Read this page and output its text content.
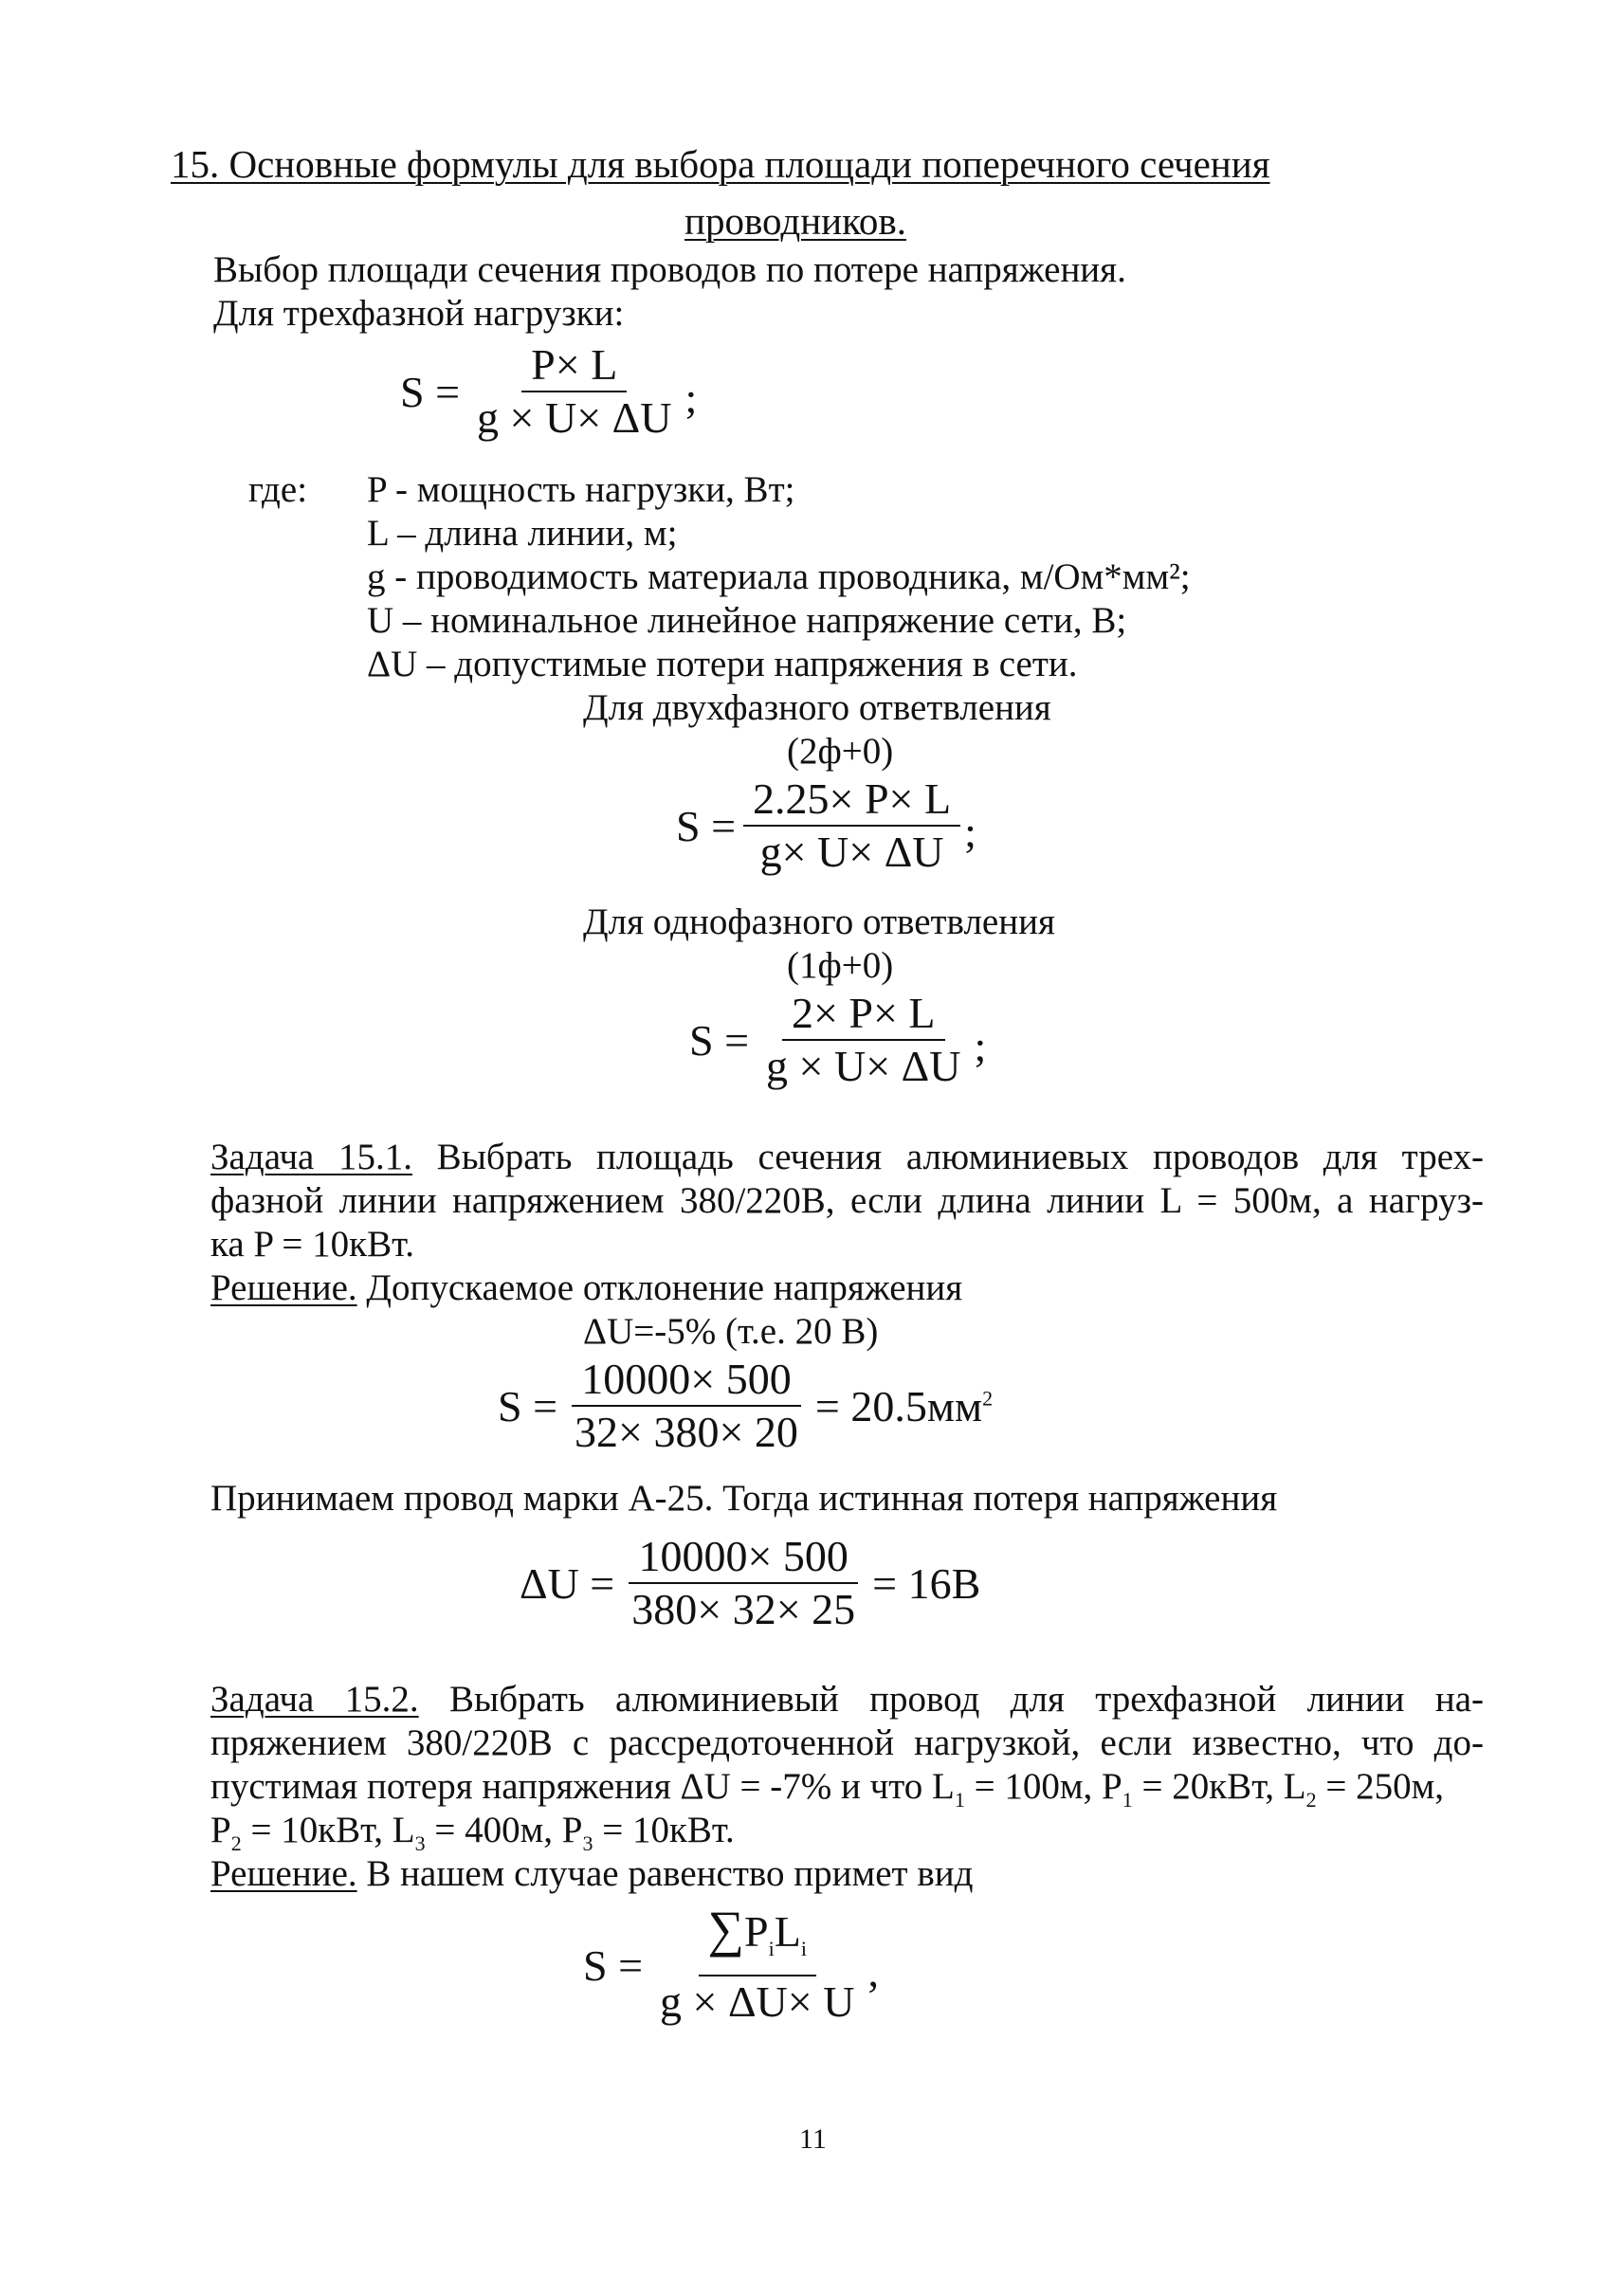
15. Основные формулы для выбора площади поперечного сечения
проводников.
Выбор площади сечения проводов по потере напряжения.
Для трехфазной нагрузки:
$S = \frac{P\times L}{g \times U\times \Delta U}$ ;
где: P - мощность нагрузки, Вт;
L – длина линии, м;
g - проводимость материала проводника, м/Ом*мм²;
U – номинальное линейное напряжение сети, В;
ΔU – допустимые потери напряжения в сети.
Для двухфазного ответвления
(2ф+0)
$S = \frac{2.25\times P\times L}{g\times U\times \Delta U}$ ;
Для однофазного ответвления
(1ф+0)
$S = \frac{2\times P\times L}{g \times U\times \Delta U}$ ;
Задача 15.1. Выбрать площадь сечения алюминиевых проводов для трех-
фазной линии напряжением 380/220В, если длина линии L = 500м, а нагруз-
ка P = 10кВт.
Решение. Допускаемое отклонение напряжения
ΔU=-5% (т.е. 20 В)
$S = \frac{10000\times 500}{32\times 380\times 20} = 20.5мм^2$
Принимаем провод марки А-25. Тогда истинная потеря напряжения
$\Delta U = \frac{10000\times 500}{380\times 32\times 25} = 16В$
Задача 15.2. Выбрать алюминиевый провод для трехфазной линии на-
пряжением 380/220В с рассредоточенной нагрузкой, если известно, что до-
пустимая потеря напряжения ΔU = -7% и что $L_1 = 100м$, $P_1 = 20кВт$, $L_2 = 250м$,
$P_2 = 10кВт$, $L_3 = 400м$, $P_3 = 10кВт$.
Решение. В нашем случае равенство примет вид
$S = \frac{\sum P_iL_i}{g \times \Delta U\times U}$ ,
11
